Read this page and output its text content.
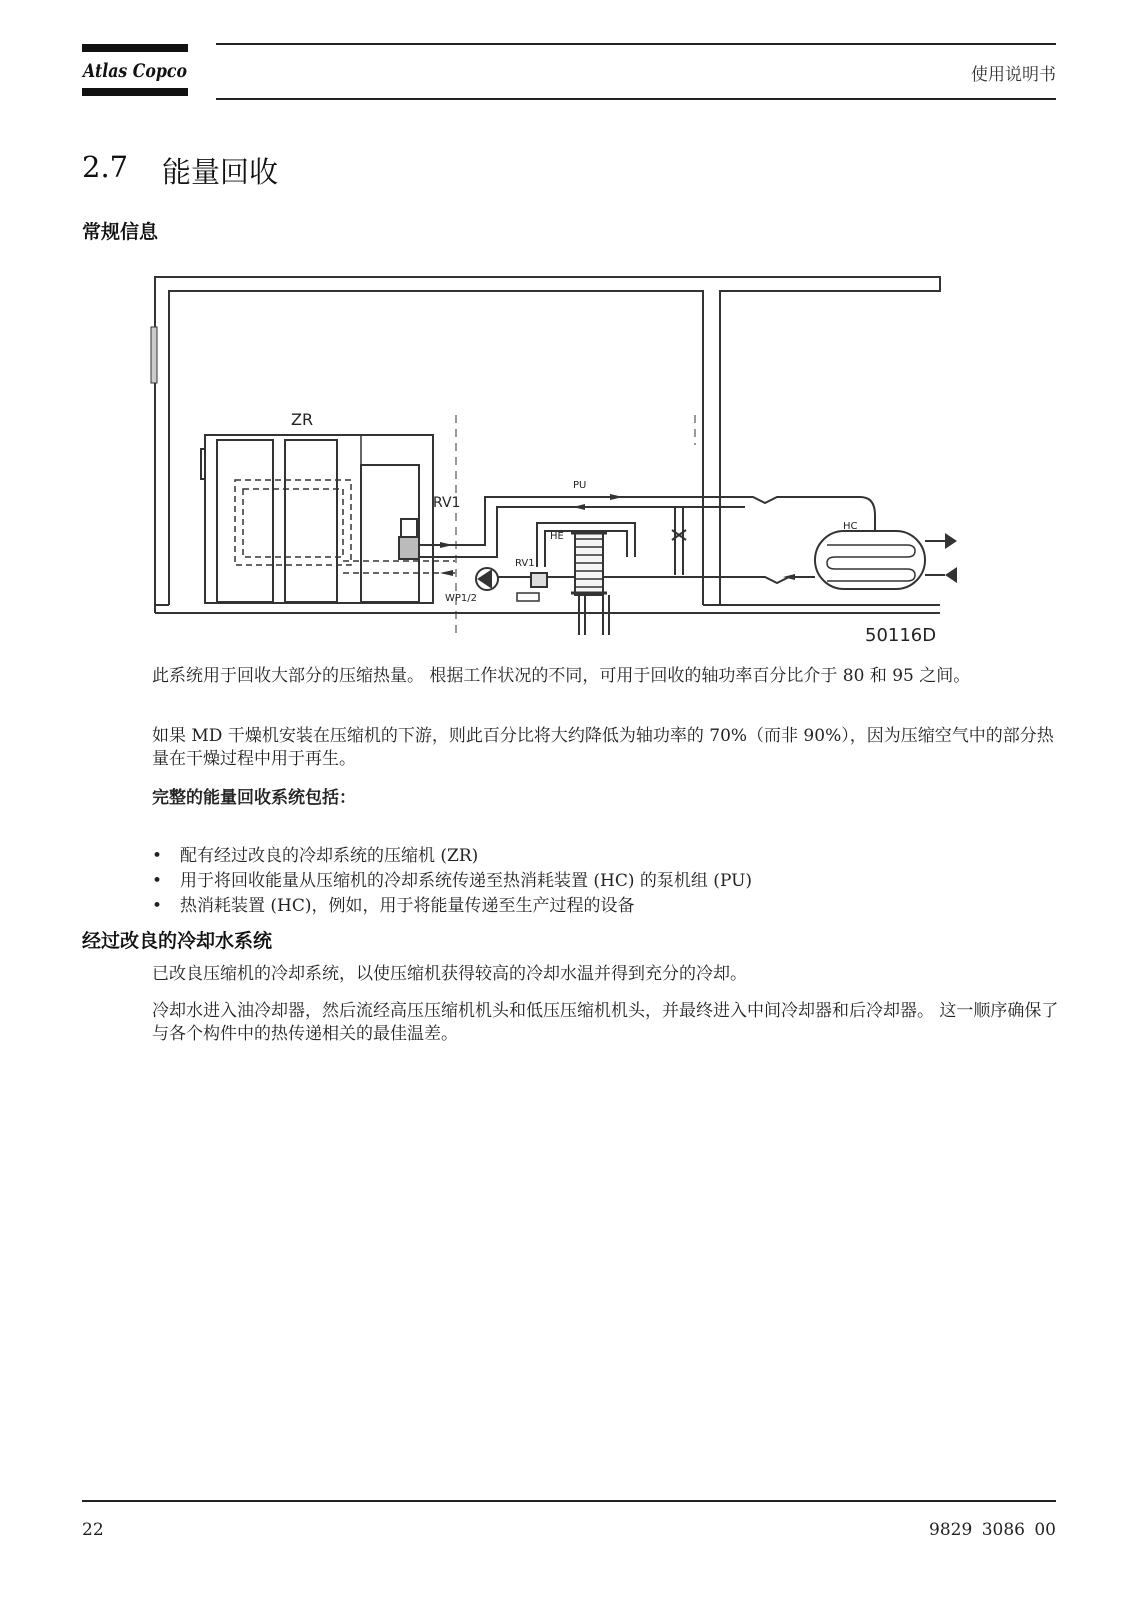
Atlas Copco	使用说明书
2.7 能量回收
常规信息
ZR
RV1
PU
HE
RV1
WP1/2
HC
50116D
此系统用于回收大部分的压缩热量。 根据工作状况的不同，可用于回收的轴功率百分比介于 80 和 95 之间。
如果 MD 干燥机安装在压缩机的下游，则此百分比将大约降低为轴功率的 70%（而非 90%），因为压缩空气中的部分热量在干燥过程中用于再生。
完整的能量回收系统包括：
• 配有经过改良的冷却系统的压缩机 (ZR)
• 用于将回收能量从压缩机的冷却系统传递至热消耗装置 (HC) 的泵机组 (PU)
• 热消耗装置 (HC)，例如，用于将能量传递至生产过程的设备
经过改良的冷却水系统
已改良压缩机的冷却系统，以使压缩机获得较高的冷却水温并得到充分的冷却。
冷却水进入油冷却器，然后流经高压压缩机机头和低压压缩机机头，并最终进入中间冷却器和后冷却器。 这一顺序确保了与各个构件中的热传递相关的最佳温差。
22	9829 3086 00
